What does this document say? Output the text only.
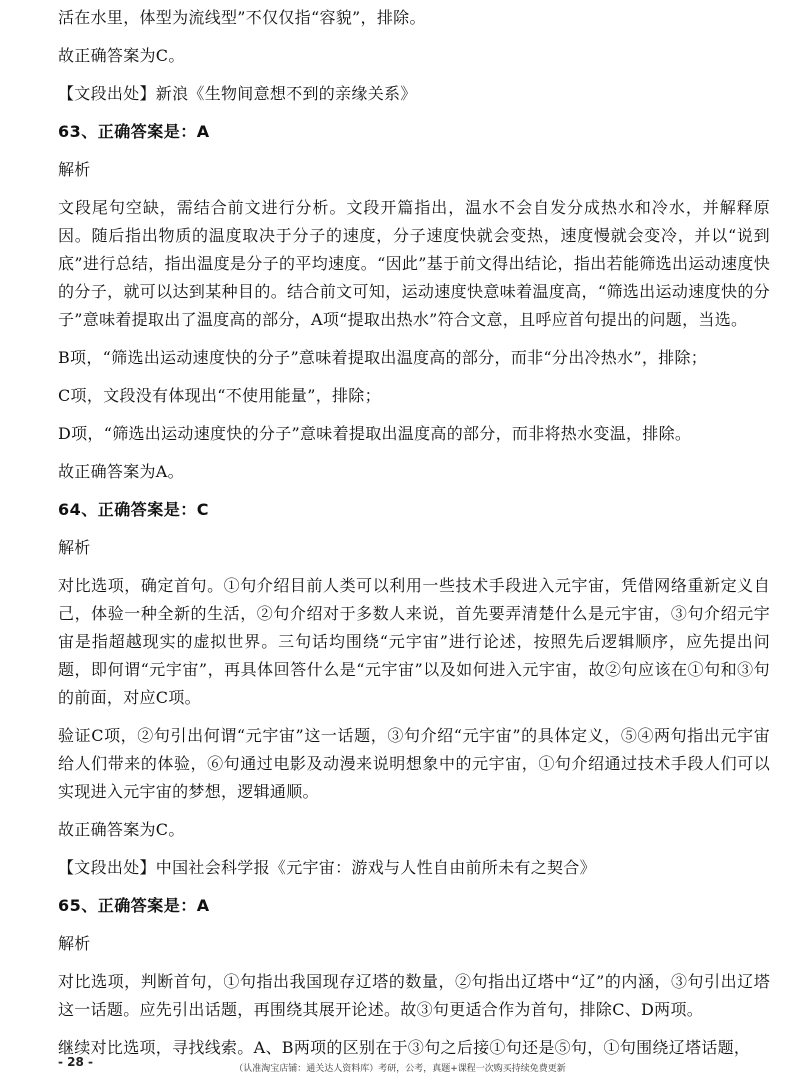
活在水里，体型为流线型”不仅仅指“容貌”，排除。
故正确答案为C。
【文段出处】新浪《生物间意想不到的亲缘关系》
63、正确答案是：A
解析
文段尾句空缺，需结合前文进行分析。文段开篇指出，温水不会自发分成热水和冷水，并解释原因。随后指出物质的温度取决于分子的速度，分子速度快就会变热，速度慢就会变冷，并以“说到底”进行总结，指出温度是分子的平均速度。“因此”基于前文得出结论，指出若能筛选出运动速度快的分子，就可以达到某种目的。结合前文可知，运动速度快意味着温度高，“筛选出运动速度快的分子”意味着提取出了温度高的部分，A项“提取出热水”符合文意，且呼应首句提出的问题，当选。
B项，“筛选出运动速度快的分子”意味着提取出温度高的部分，而非“分出冷热水”，排除；
C项，文段没有体现出“不使用能量”，排除；
D项，“筛选出运动速度快的分子”意味着提取出温度高的部分，而非将热水变温，排除。
故正确答案为A。
64、正确答案是：C
解析
对比选项，确定首句。①句介绍目前人类可以利用一些技术手段进入元宇宙，凭借网络重新定义自己，体验一种全新的生活，②句介绍对于多数人来说，首先要弄清楚什么是元宇宙，③句介绍元宇宙是指超越现实的虚拟世界。三句话均围绕“元宇宙”进行论述，按照先后逻辑顺序，应先提出问题，即何谓“元宇宙”，再具体回答什么是“元宇宙”以及如何进入元宇宙，故②句应该在①句和③句的前面，对应C项。
验证C项，②句引出何谓“元宇宙”这一话题，③句介绍“元宇宙”的具体定义，⑤④两句指出元宇宙给人们带来的体验，⑥句通过电影及动漫来说明想象中的元宇宙，①句介绍通过技术手段人们可以实现进入元宇宙的梦想，逻辑通顺。
故正确答案为C。
【文段出处】中国社会科学报《元宇宙：游戏与人性自由前所未有之契合》
65、正确答案是：A
解析
对比选项，判断首句，①句指出我国现存辽塔的数量，②句指出辽塔中“辽”的内涵，③句引出辽塔这一话题。应先引出话题，再围绕其展开论述。故③句更适合作为首句，排除C、D两项。
继续对比选项，寻找线索。A、B两项的区别在于③句之后接①句还是⑤句，①句围绕辽塔话题，
- 28 -	（认准淘宝店铺：通关达人资料库）考研，公考，真题+课程一次购买持续免费更新
